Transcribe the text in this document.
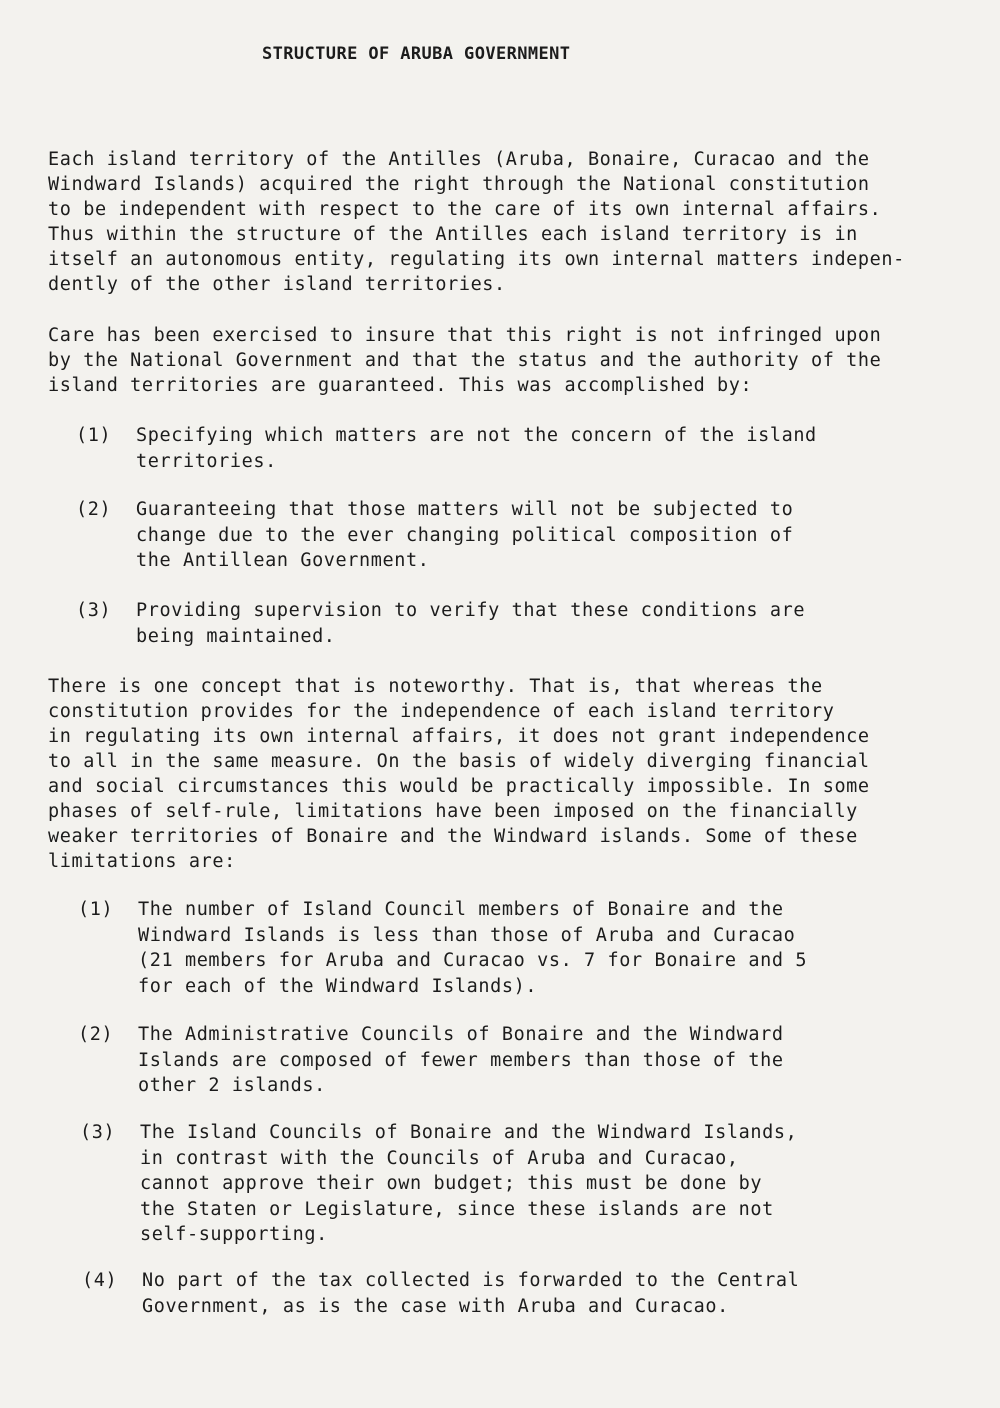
STRUCTURE OF ARUBA GOVERNMENT

Each island territory of the Antilles (Aruba, Bonaire, Curacao and the
Windward Islands) acquired the right through the National constitution
to be independent with respect to the care of its own internal affairs.
Thus within the structure of the Antilles each island territory is in
itself an autonomous entity, regulating its own internal matters indepen-
dently of the other island territories.

Care has been exercised to insure that this right is not infringed upon
by the National Government and that the status and the authority of the
island territories are guaranteed. This was accomplished by:

(1) Specifying which matters are not the concern of the island
territories.
(2) Guaranteeing that those matters will not be subjected to
change due to the ever changing political composition of
the Antillean Government.
(3) Providing supervision to verify that these conditions are
being maintained.

There is one concept that is noteworthy. That is, that whereas the
constitution provides for the independence of each island territory
in regulating its own internal affairs, it does not grant independence
to all in the same measure. On the basis of widely diverging financial
and social circumstances this would be practically impossible. In some
phases of self-rule, limitations have been imposed on the financially
weaker territories of Bonaire and the Windward islands. Some of these
limitations are:

(1) The number of Island Council members of Bonaire and the
Windward Islands is less than those of Aruba and Curacao
(21 members for Aruba and Curacao vs. 7 for Bonaire and 5
for each of the Windward Islands).
(2) The Administrative Councils of Bonaire and the Windward
Islands are composed of fewer members than those of the
other 2 islands.
(3) The Island Councils of Bonaire and the Windward Islands,
in contrast with the Councils of Aruba and Curacao,
cannot approve their own budget; this must be done by
the Staten or Legislature, since these islands are not
self-supporting.
(4) No part of the tax collected is forwarded to the Central
Government, as is the case with Aruba and Curacao.
